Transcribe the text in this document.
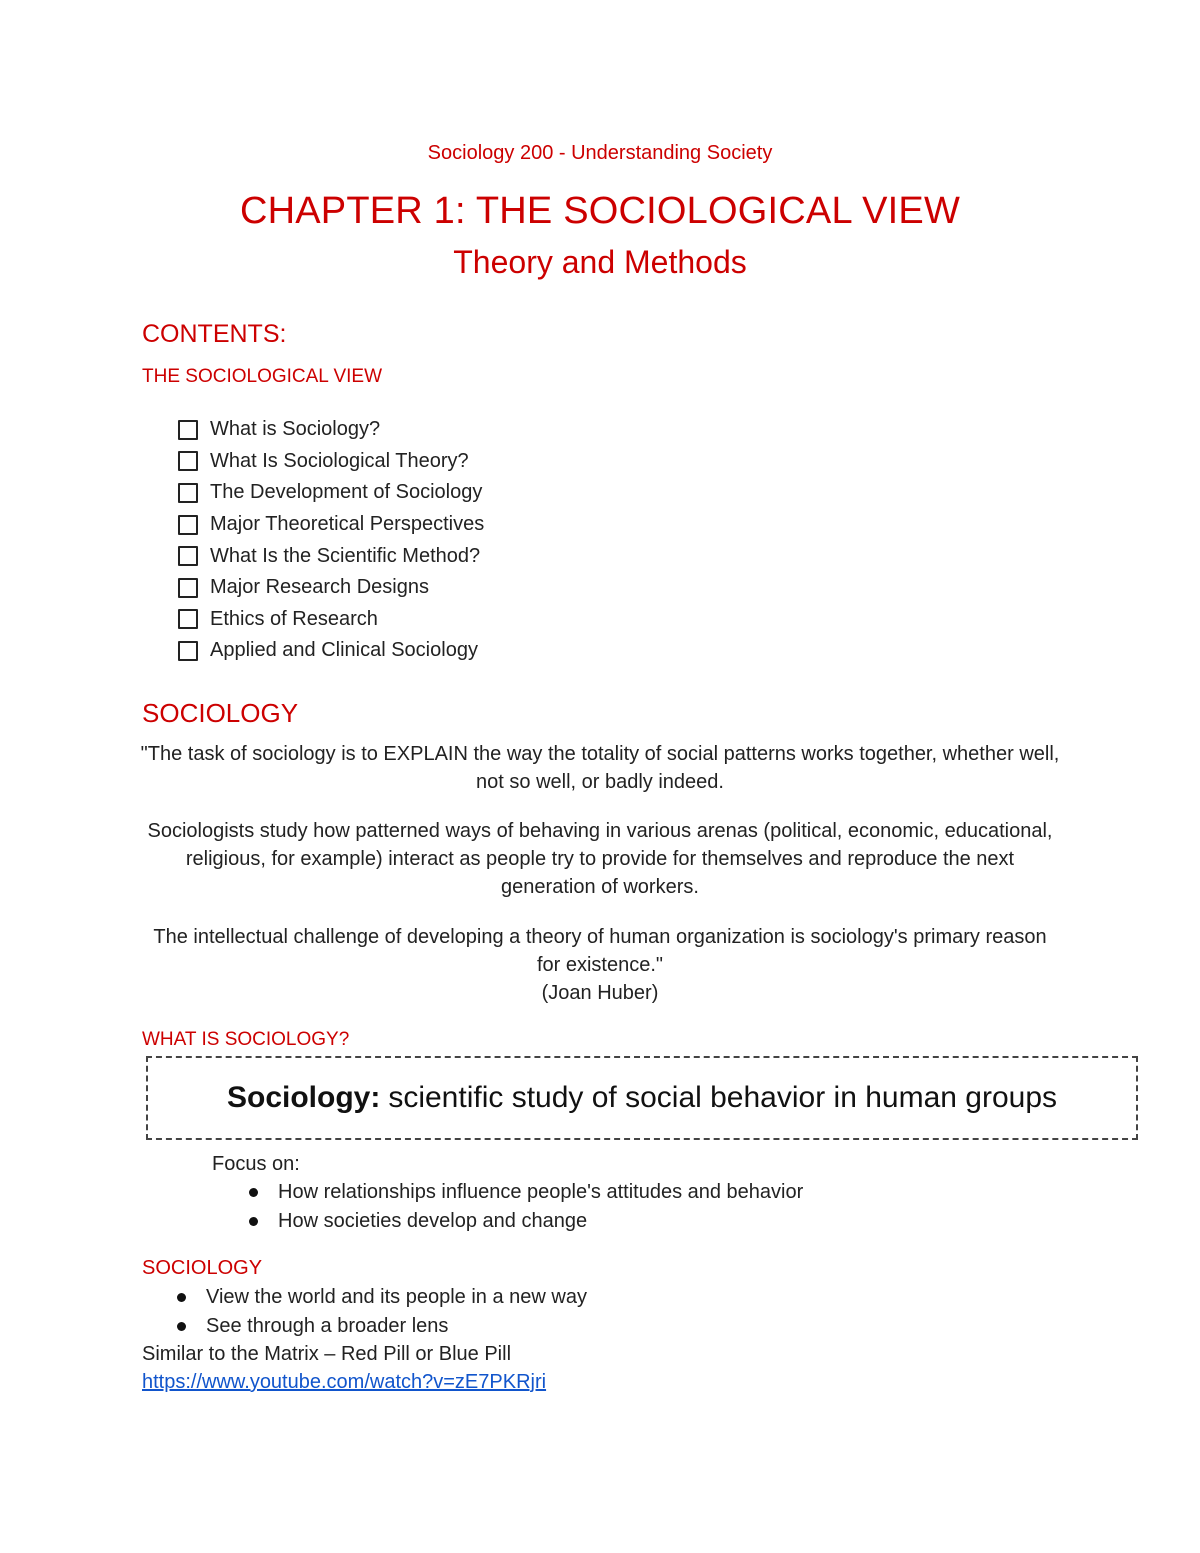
Sociology 200 - Understanding Society
CHAPTER 1: THE SOCIOLOGICAL VIEW
Theory and Methods
CONTENTS:
THE SOCIOLOGICAL VIEW
What is Sociology?
What Is Sociological Theory?
The Development of Sociology
Major Theoretical Perspectives
What Is the Scientific Method?
Major Research Designs
Ethics of Research
Applied and Clinical Sociology
SOCIOLOGY
"The task of sociology is to EXPLAIN the way the totality of social patterns works together, whether well, not so well, or badly indeed.
Sociologists study how patterned ways of behaving in various arenas (political, economic, educational, religious, for example) interact as people try to provide for themselves and reproduce the next generation of workers.
The intellectual challenge of developing a theory of human organization is sociology's primary reason for existence."
(Joan Huber)
WHAT IS SOCIOLOGY?
Sociology: scientific study of social behavior in human groups
Focus on:
How relationships influence people's attitudes and behavior
How societies develop and change
SOCIOLOGY
View the world and its people in a new way
See through a broader lens
Similar to the Matrix – Red Pill or Blue Pill
https://www.youtube.com/watch?v=zE7PKRjri
